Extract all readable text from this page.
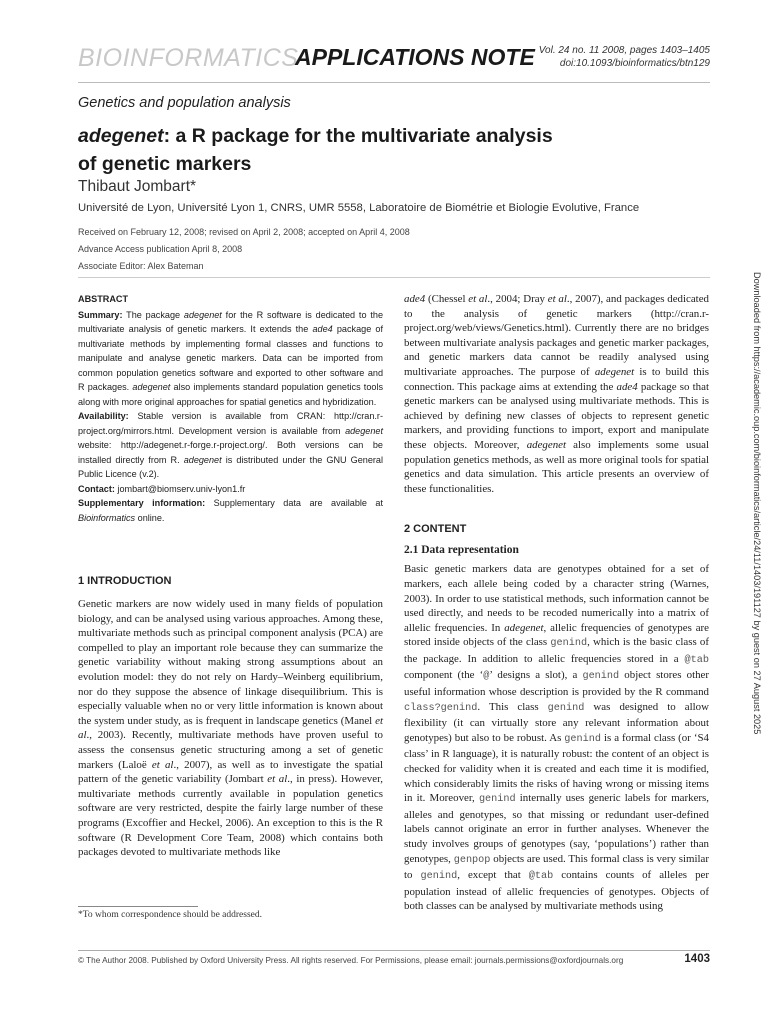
BIOINFORMATICS
APPLICATIONS NOTE Vol. 24 no. 11 2008, pages 1403–1405
doi:10.1093/bioinformatics/btn129
Genetics and population analysis
adegenet: a R package for the multivariate analysis
of genetic markers
Thibaut Jombart*
Université de Lyon, Université Lyon 1, CNRS, UMR 5558, Laboratoire de Biométrie et Biologie Evolutive, France
Received on February 12, 2008; revised on April 2, 2008; accepted on April 4, 2008
Advance Access publication April 8, 2008
Associate Editor: Alex Bateman
Downloaded from https://academic.oup.com/bioinformatics/article/24/11/1403/191127 by guest on 27 August 2025
ABSTRACT
Summary: The package adegenet for the R software is dedicated to the multivariate analysis of genetic markers. It extends the ade4 package of multivariate methods by implementing formal classes and functions to manipulate and analyse genetic markers. Data can be imported from common population genetics software and exported to other software and R packages. adegenet also implements standard population genetics tools along with more original approaches for spatial genetics and hybridization.
Availability: Stable version is available from CRAN: http://cran.r-project.org/mirrors.html. Development version is available from adegenet website: http://adegenet.r-forge.r-project.org/. Both versions can be installed directly from R. adegenet is distributed under the GNU General Public Licence (v.2).
Contact: jombart@biomserv.univ-lyon1.fr
Supplementary information: Supplementary data are available at Bioinformatics online.
1 INTRODUCTION

Genetic markers are now widely used in many fields of population biology, and can be analysed using various approaches. Among these, multivariate methods such as principal component analysis (PCA) are compelled to play an important role because they can summarize the genetic variability without making strong assumptions about an evolution model: they do not rely on Hardy–Weinberg equilibrium, nor do they suppose the absence of linkage disequilibrium. This is especially valuable when no or very little information is known about the system under study, as is frequent in landscape genetics (Manel et al., 2003). Recently, multivariate methods have proven useful to assess the consensus genetic structuring among a set of genetic markers (Laloë et al., 2007), as well as to investigate the spatial pattern of the genetic variability (Jombart et al., in press). However, multivariate methods currently available in population genetics software are very restricted, despite the fairly large number of these programs (Excoffier and Heckel, 2006). An exception to this is the R software (R Development Core Team, 2008) which contains both packages devoted to multivariate methods like

ade4 (Chessel et al., 2004; Dray et al., 2007), and packages dedicated to the analysis of genetic markers (http://cran.r-project.org/web/views/Genetics.html). Currently there are no bridges between multivariate analysis packages and genetic marker packages, and genetic markers data cannot be readily analysed using multivariate approaches. The purpose of adegenet is to build this connection. This package aims at extending the ade4 package so that genetic markers can be analysed using multivariate methods. This is achieved by defining new classes of objects to represent genetic markers, and providing functions to import, export and manipulate these objects. Moreover, adegenet also implements some usual population genetics methods, as well as more original tools for spatial genetics and data simulation. This article presents an overview of these functionalities.

2 CONTENT
2.1 Data representation

Basic genetic markers data are genotypes obtained for a set of markers, each allele being coded by a character string (Warnes, 2003). In order to use statistical methods, such information cannot be used directly, and needs to be recoded numerically into a matrix of allelic frequencies. In adegenet, allelic frequencies of genotypes are stored inside objects of the class genind, which is the basic class of the package. In addition to allelic frequencies stored in a @tab component (the ‘@’ designs a slot), a genind object stores other useful information whose description is provided by the R command class?genind. This class genind was designed to allow flexibility (it can virtually store any relevant information about genotypes) but also to be robust. As genind is a formal class (or ‘S4 class’ in R language), it is naturally robust: the content of an object is checked for validity when it is created and each time it is modified, which considerably limits the risks of having wrong or missing items in it. Moreover, genind internally uses generic labels for markers, alleles and genotypes, so that missing or redundant user-defined labels cannot originate an error in further analyses. Whenever the study involves groups of genotypes (say, ‘populations’) rather than genotypes, genpop objects are used. This formal class is very similar to genind, except that @tab contains counts of alleles per population instead of allelic frequencies of genotypes. Objects of both classes can be analysed by multivariate methods using

*To whom correspondence should be addressed.
© The Author 2008. Published by Oxford University Press. All rights reserved. For Permissions, please email: journals.permissions@oxfordjournals.org	1403
